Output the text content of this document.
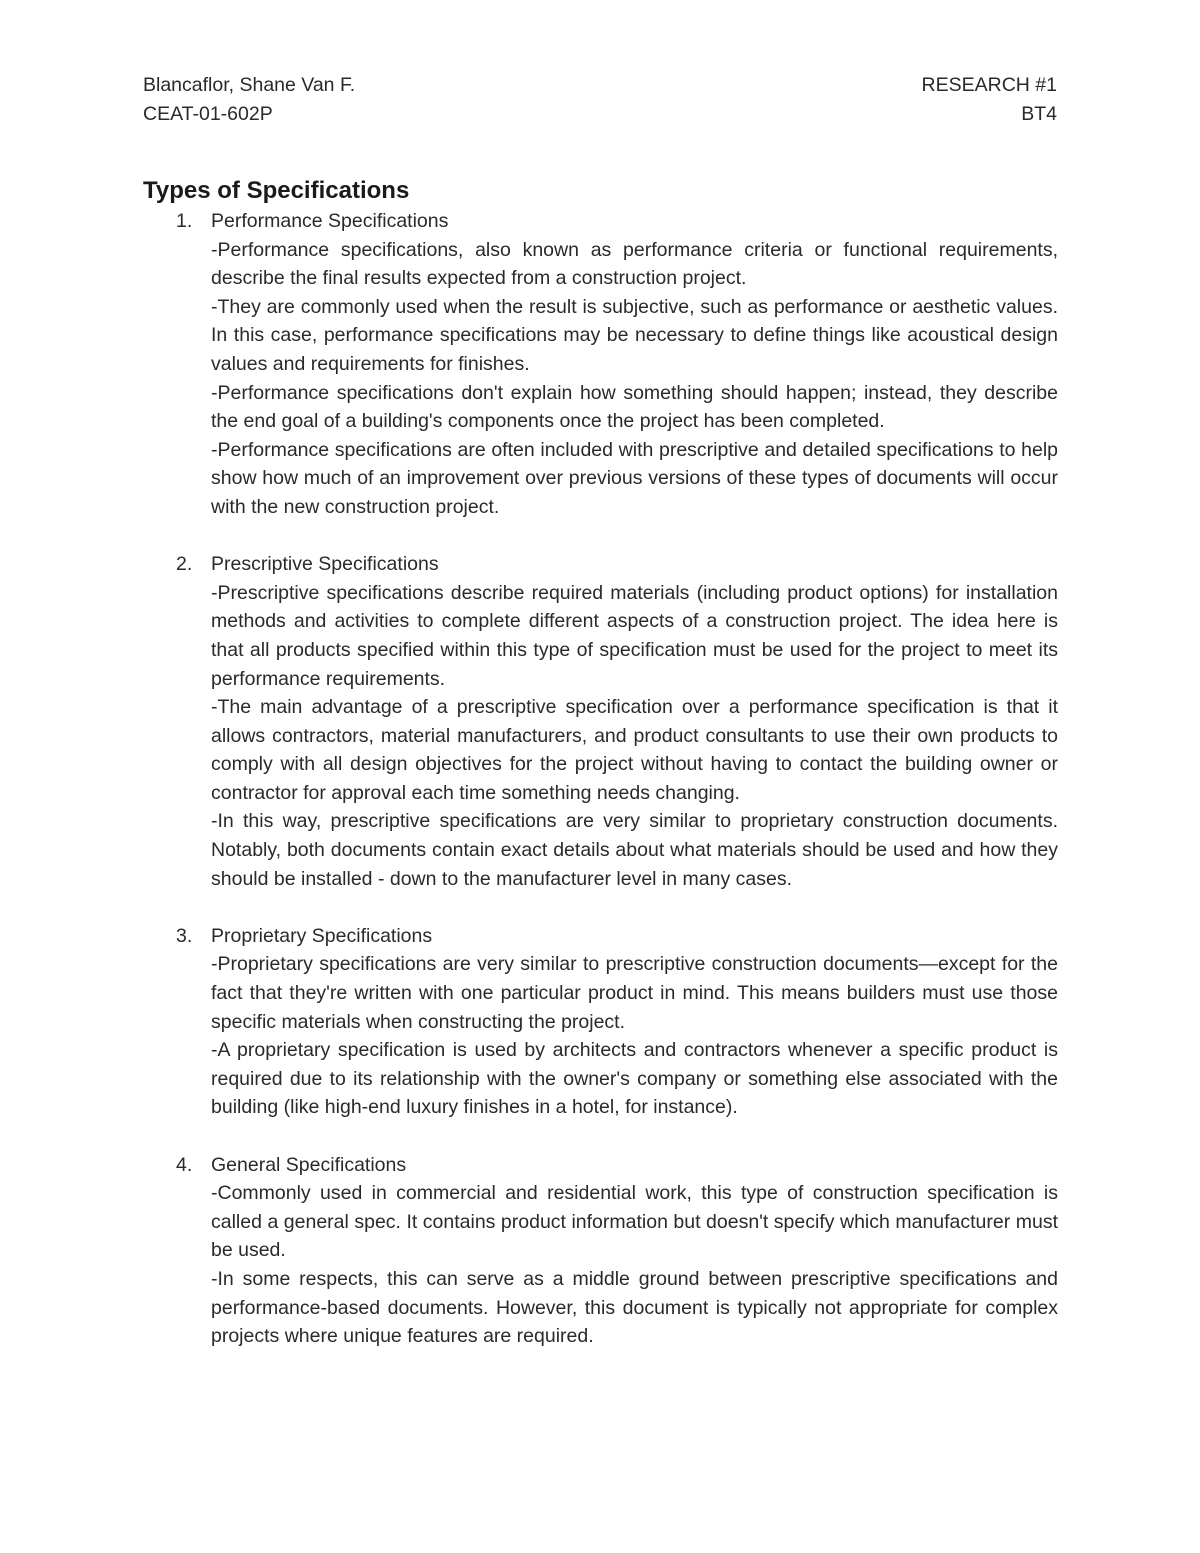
Blancaflor, Shane Van F.	RESEARCH #1
CEAT-01-602P	BT4
Types of Specifications
1. Performance Specifications

-Performance specifications, also known as performance criteria or functional requirements, describe the final results expected from a construction project.

-They are commonly used when the result is subjective, such as performance or aesthetic values. In this case, performance specifications may be necessary to define things like acoustical design values and requirements for finishes.

-Performance specifications don't explain how something should happen; instead, they describe the end goal of a building's components once the project has been completed.

-Performance specifications are often included with prescriptive and detailed specifications to help show how much of an improvement over previous versions of these types of documents will occur with the new construction project.

2. Prescriptive Specifications

-Prescriptive specifications describe required materials (including product options) for installation methods and activities to complete different aspects of a construction project. The idea here is that all products specified within this type of specification must be used for the project to meet its performance requirements.

-The main advantage of a prescriptive specification over a performance specification is that it allows contractors, material manufacturers, and product consultants to use their own products to comply with all design objectives for the project without having to contact the building owner or contractor for approval each time something needs changing.

-In this way, prescriptive specifications are very similar to proprietary construction documents. Notably, both documents contain exact details about what materials should be used and how they should be installed - down to the manufacturer level in many cases.

3. Proprietary Specifications

-Proprietary specifications are very similar to prescriptive construction documents—except for the fact that they're written with one particular product in mind. This means builders must use those specific materials when constructing the project.

-A proprietary specification is used by architects and contractors whenever a specific product is required due to its relationship with the owner's company or something else associated with the building (like high-end luxury finishes in a hotel, for instance).

4. General Specifications

-Commonly used in commercial and residential work, this type of construction specification is called a general spec. It contains product information but doesn't specify which manufacturer must be used.

-In some respects, this can serve as a middle ground between prescriptive specifications and performance-based documents. However, this document is typically not appropriate for complex projects where unique features are required.
